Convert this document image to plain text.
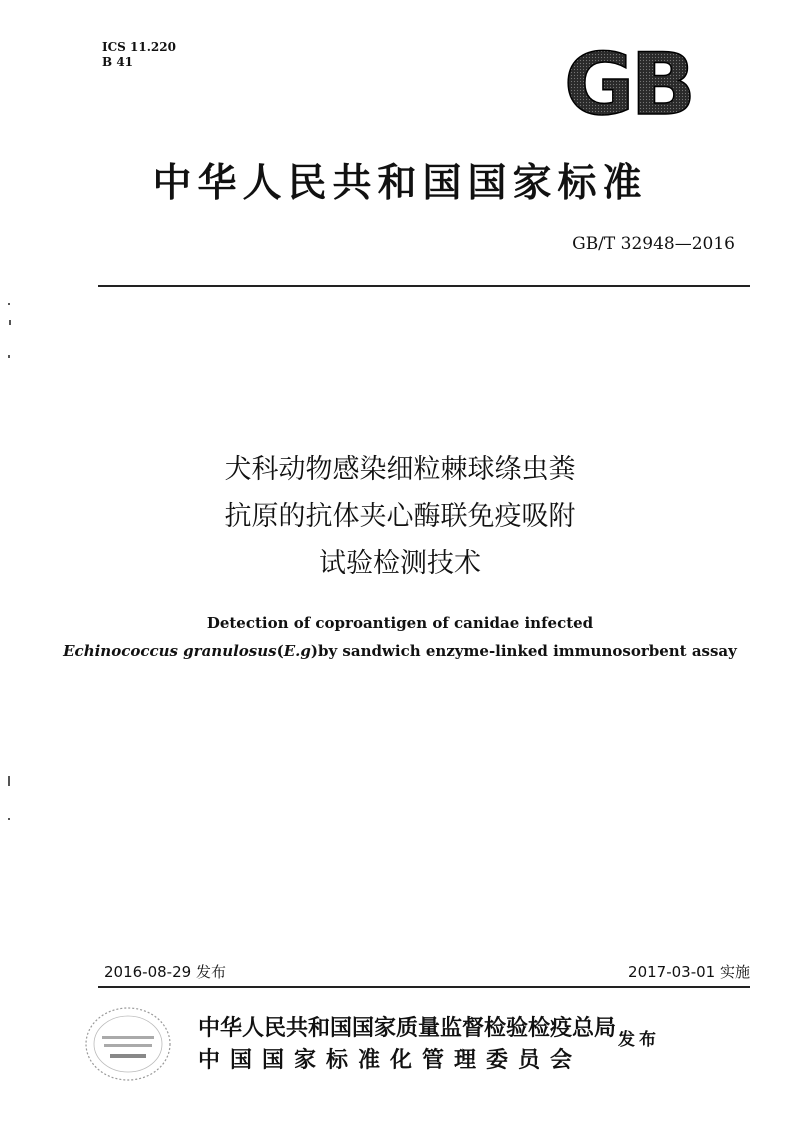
ICS 11.220
B 41	GB
中华人民共和国国家标准
GB/T 32948—2016
犬科动物感染细粒棘球绦虫粪
抗原的抗体夹心酶联免疫吸附
试验检测技术
Detection of coproantigen of canidae infected
Echinococcus granulosus(E.g)by sandwich enzyme-linked immunosorbent assay
2016-08-29 发布	2017-03-01 实施
中华人民共和国国家质量监督检验检疫总局
中国国家标准化管理委员会
发布
